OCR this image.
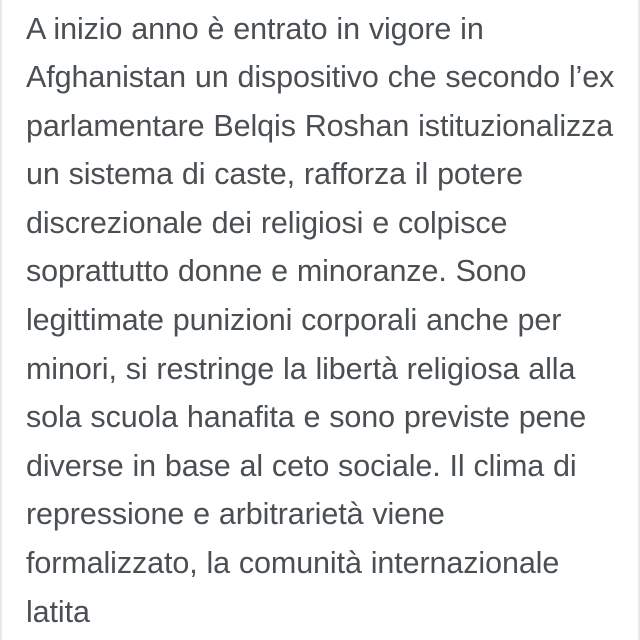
A inizio anno è entrato in vigore in Afghanistan un dispositivo che secondo l’ex parlamentare Belqis Roshan istituzionalizza un sistema di caste, rafforza il potere discrezionale dei religiosi e colpisce soprattutto donne e minoranze. Sono legittimate punizioni corporali anche per minori, si restringe la libertà religiosa alla sola scuola hanafita e sono previste pene diverse in base al ceto sociale. Il clima di repressione e arbitrarietà viene formalizzato, la comunità internazionale latita
